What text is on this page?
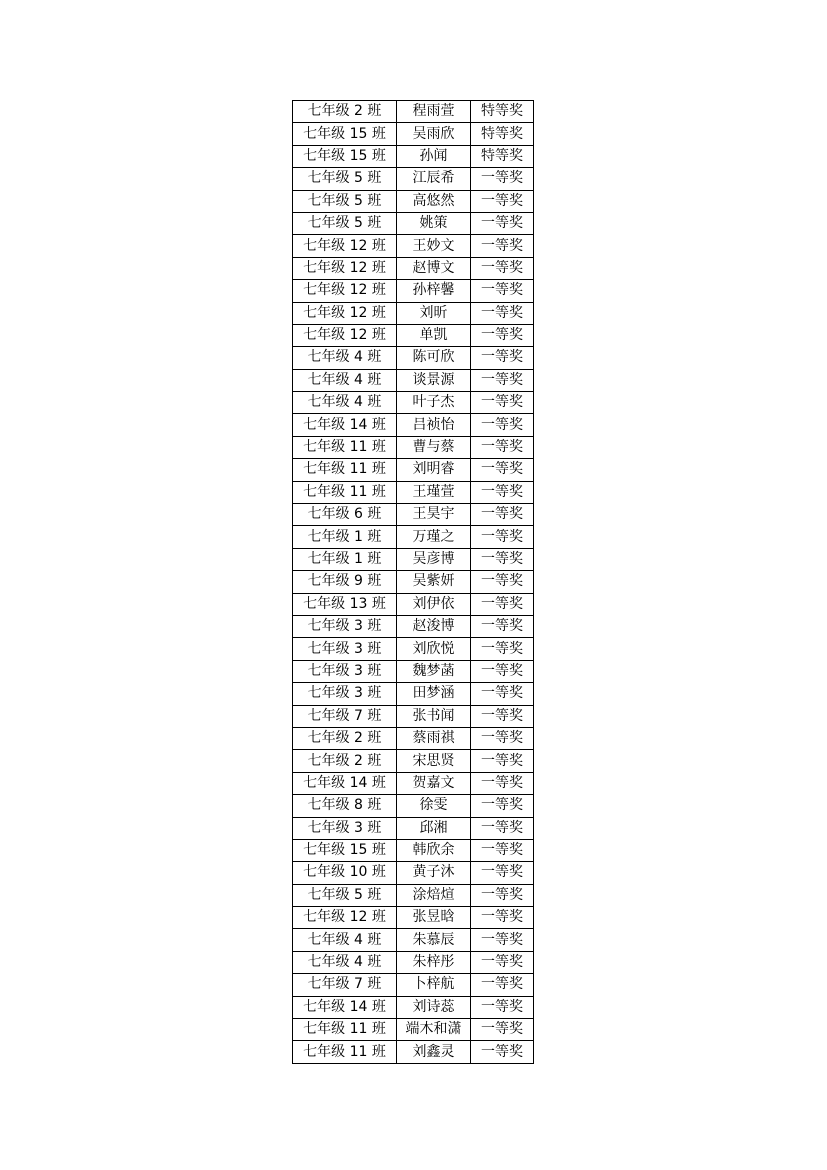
七年级 2 班	程雨萱	特等奖
七年级 15 班	吴雨欣	特等奖
七年级 15 班	孙闻	特等奖
七年级 5 班	江辰希	一等奖
七年级 5 班	高悠然	一等奖
七年级 5 班	姚策	一等奖
七年级 12 班	王妙文	一等奖
七年级 12 班	赵博文	一等奖
七年级 12 班	孙梓馨	一等奖
七年级 12 班	刘昕	一等奖
七年级 12 班	单凯	一等奖
七年级 4 班	陈可欣	一等奖
七年级 4 班	谈景源	一等奖
七年级 4 班	叶子杰	一等奖
七年级 14 班	吕祯怡	一等奖
七年级 11 班	曹与蔡	一等奖
七年级 11 班	刘明睿	一等奖
七年级 11 班	王瑾萱	一等奖
七年级 6 班	王昊宇	一等奖
七年级 1 班	万瑾之	一等奖
七年级 1 班	吴彦博	一等奖
七年级 9 班	吴紫妍	一等奖
七年级 13 班	刘伊依	一等奖
七年级 3 班	赵浚博	一等奖
七年级 3 班	刘欣悦	一等奖
七年级 3 班	魏梦菡	一等奖
七年级 3 班	田梦涵	一等奖
七年级 7 班	张书闻	一等奖
七年级 2 班	蔡雨祺	一等奖
七年级 2 班	宋思贤	一等奖
七年级 14 班	贺嘉文	一等奖
七年级 8 班	徐雯	一等奖
七年级 3 班	邱湘	一等奖
七年级 15 班	韩欣余	一等奖
七年级 10 班	黄子沐	一等奖
七年级 5 班	涂焙煊	一等奖
七年级 12 班	张昱晗	一等奖
七年级 4 班	朱慕辰	一等奖
七年级 4 班	朱梓彤	一等奖
七年级 7 班	卜梓航	一等奖
七年级 14 班	刘诗蕊	一等奖
七年级 11 班	端木和潇	一等奖
七年级 11 班	刘鑫灵	一等奖
